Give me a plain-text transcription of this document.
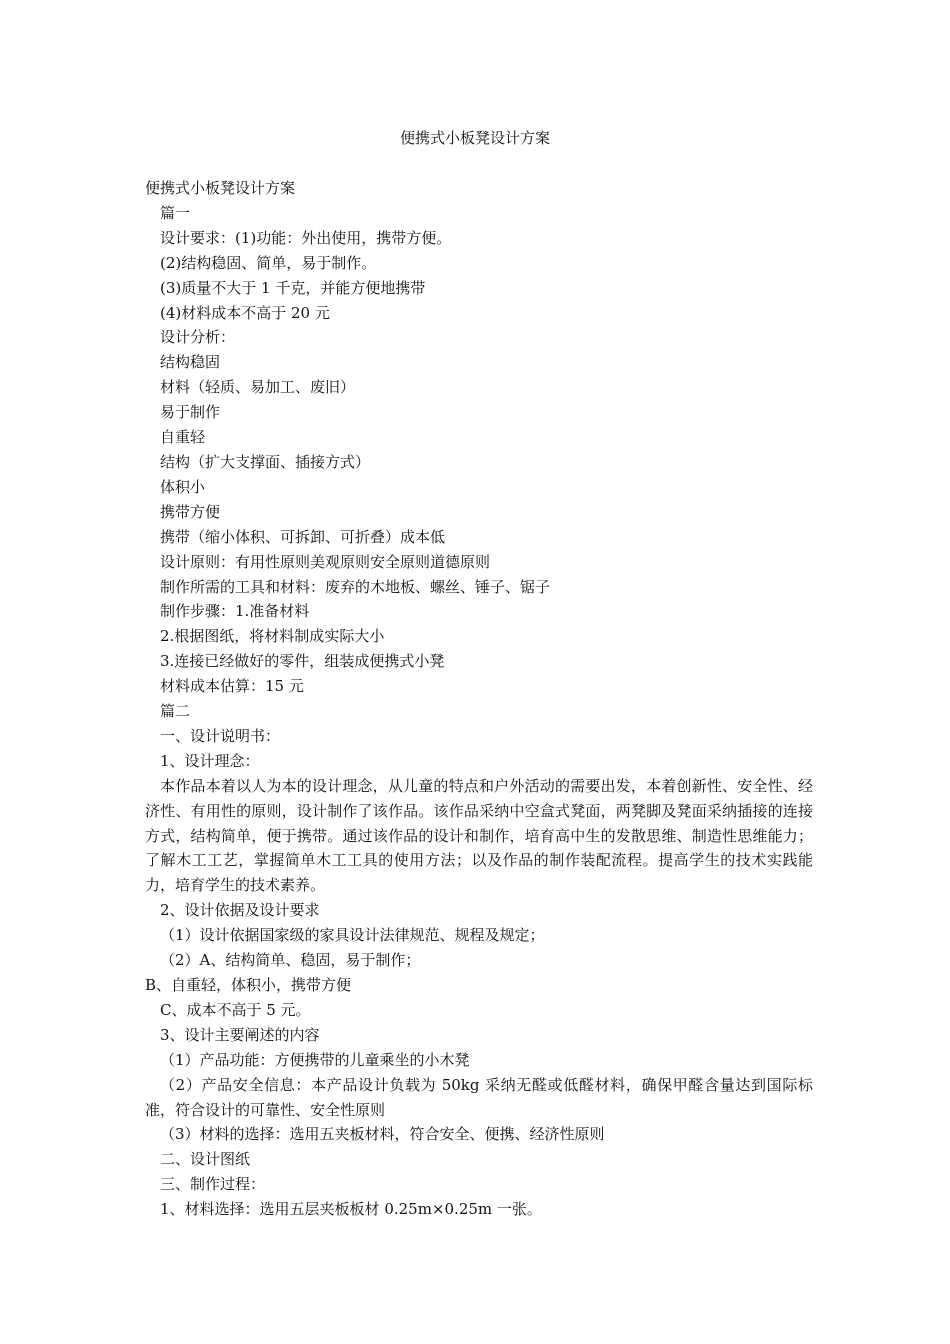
便携式小板凳设计方案
便携式小板凳设计方案
篇一
设计要求：(1)功能：外出使用，携带方便。
(2)结构稳固、简单，易于制作。
(3)质量不大于 1 千克，并能方便地携带
(4)材料成本不高于 20 元
设计分析：
结构稳固
材料（轻质、易加工、废旧）
易于制作
自重轻
结构（扩大支撑面、插接方式）
体积小
携带方便
携带（缩小体积、可拆卸、可折叠）成本低
设计原则：有用性原则美观原则安全原则道德原则
制作所需的工具和材料：废弃的木地板、螺丝、锤子、锯子
制作步骤：1.准备材料
2.根据图纸，将材料制成实际大小
3.连接已经做好的零件，组装成便携式小凳
材料成本估算：15 元
篇二
一、设计说明书：
1、设计理念：
本作品本着以人为本的设计理念，从儿童的特点和户外活动的需要出发，本着创新性、安全性、经济性、有用性的原则，设计制作了该作品。该作品采纳中空盒式凳面，两凳脚及凳面采纳插接的连接方式，结构简单，便于携带。通过该作品的设计和制作，培育高中生的发散思维、制造性思维能力；了解木工工艺，掌握简单木工工具的使用方法；以及作品的制作装配流程。提高学生的技术实践能力，培育学生的技术素养。
2、设计依据及设计要求
（1）设计依据国家级的家具设计法律规范、规程及规定；
（2）A、结构简单、稳固，易于制作；
B、自重轻，体积小，携带方便
C、成本不高于 5 元。
3、设计主要阐述的内容
（1）产品功能：方便携带的儿童乘坐的小木凳
（2）产品安全信息：本产品设计负载为 50kg 采纳无醛或低醛材料，确保甲醛含量达到国际标准，符合设计的可靠性、安全性原则
（3）材料的选择：选用五夹板材料，符合安全、便携、经济性原则
二、设计图纸
三、制作过程：
1、材料选择：选用五层夹板板材 0.25m×0.25m 一张。
